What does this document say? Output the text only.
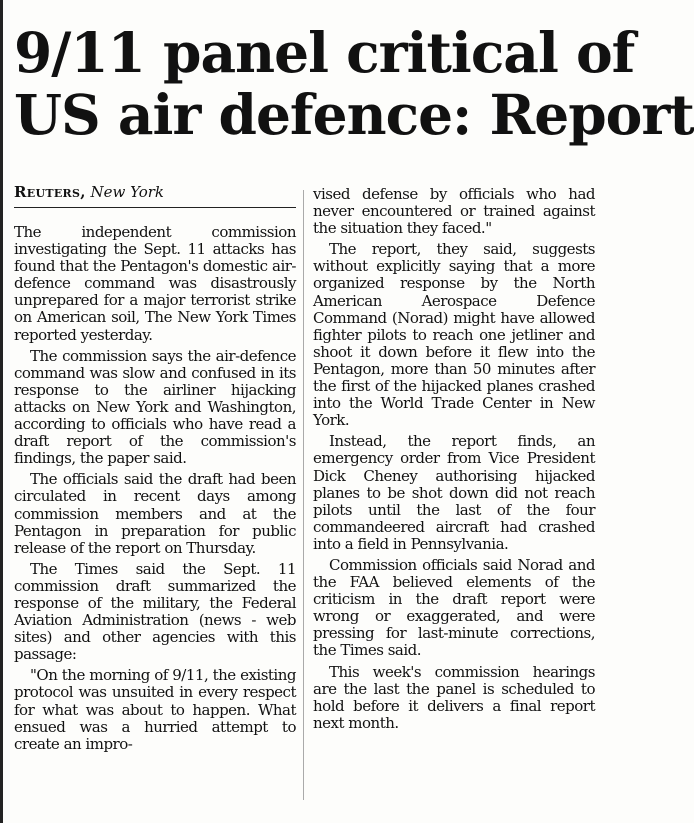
9/11 panel critical of
US air defence: Report
Reuters, New York

The independent commission investigating the Sept. 11 attacks has found that the Pentagon's domestic air-defence command was disastrously unprepared for a major terrorist strike on American soil, The New York Times reported yesterday.

The commission says the air-defence command was slow and confused in its response to the airliner hijacking attacks on New York and Washington, according to officials who have read a draft report of the commission's findings, the paper said.

The officials said the draft had been circulated in recent days among commission members and at the Pentagon in preparation for public release of the report on Thursday.

The Times said the Sept. 11 commission draft summarized the response of the military, the Federal Aviation Administration (news - web sites) and other agencies with this passage:

"On the morning of 9/11, the existing protocol was unsuited in every respect for what was about to happen. What ensued was a hurried attempt to create an impro-

vised defense by officials who had never encountered or trained against the situation they faced."

The report, they said, suggests without explicitly saying that a more organized response by the North American Aerospace Defence Command (Norad) might have allowed fighter pilots to reach one jetliner and shoot it down before it flew into the Pentagon, more than 50 minutes after the first of the hijacked planes crashed into the World Trade Center in New York.

Instead, the report finds, an emergency order from Vice President Dick Cheney authorising hijacked planes to be shot down did not reach pilots until the last of the four commandeered aircraft had crashed into a field in Pennsylvania.

Commission officials said Norad and the FAA believed elements of the criticism in the draft report were wrong or exaggerated, and were pressing for last-minute corrections, the Times said.

This week's commission hearings are the last the panel is scheduled to hold before it delivers a final report next month.
